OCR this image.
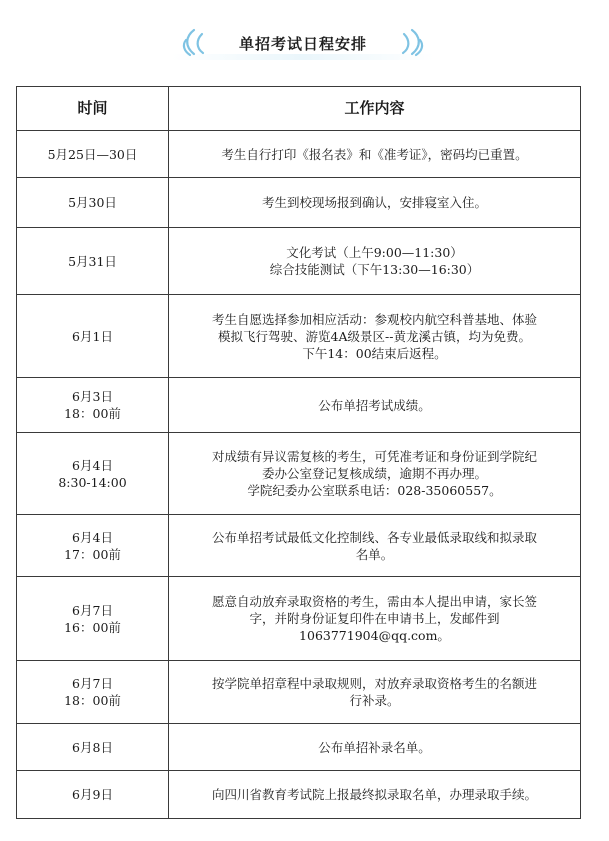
单招考试日程安排
时间	工作内容

5月25日—30日	考生自行打印《报名表》和《准考证》，密码均已重置。

5月30日	考生到校现场报到确认，安排寝室入住。

5月31日	文化考试（上午9:00—11:30）
综合技能测试（下午13:30—16:30）

6月1日	考生自愿选择参加相应活动：参观校内航空科普基地、体验
模拟飞行驾驶、游览4A级景区--黄龙溪古镇，均为免费。
下午14：00结束后返程。

6月3日
18：00前	公布单招考试成绩。

6月4日
8:30-14:00	对成绩有异议需复核的考生，可凭准考证和身份证到学院纪
委办公室登记复核成绩，逾期不再办理。
学院纪委办公室联系电话：028-35060557。

6月4日
17：00前	公布单招考试最低文化控制线、各专业最低录取线和拟录取
名单。

6月7日
16：00前	愿意自动放弃录取资格的考生，需由本人提出申请，家长签
字，并附身份证复印件在申请书上，发邮件到
1063771904@qq.com。

6月7日
18：00前	按学院单招章程中录取规则，对放弃录取资格考生的名额进
行补录。

6月8日	公布单招补录名单。

6月9日	向四川省教育考试院上报最终拟录取名单，办理录取手续。
